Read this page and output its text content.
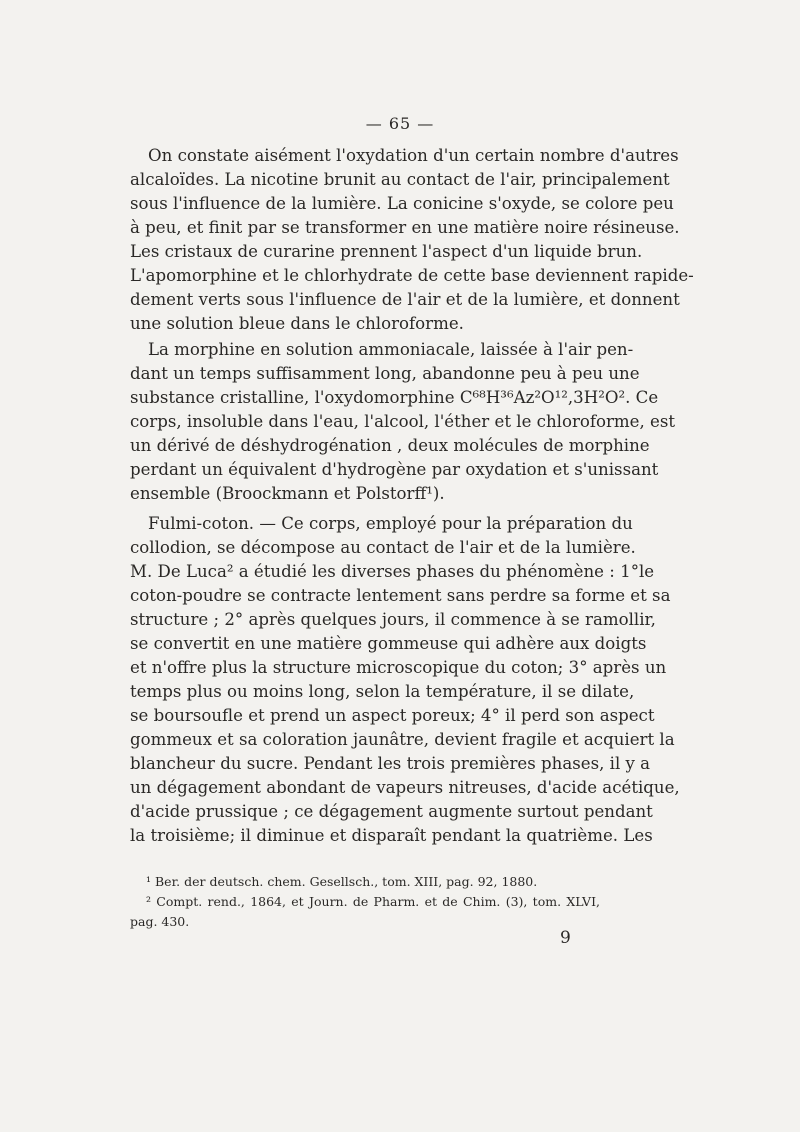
— 65 —
On constate aisément l'oxydation d'un certain nombre d'autres
alcaloïdes. La nicotine brunit au contact de l'air, principalement
sous l'influence de la lumière. La conicine s'oxyde, se colore peu
à peu, et finit par se transformer en une matière noire résineuse.
Les cristaux de curarine prennent l'aspect d'un liquide brun.
L'apomorphine et le chlorhydrate de cette base deviennent rapide-
dement verts sous l'influence de l'air et de la lumière, et donnent
une solution bleue dans le chloroforme.
La morphine en solution ammoniacale, laissée à l'air pen-
dant un temps suffisamment long, abandonne peu à peu une
substance cristalline, l'oxydomorphine C⁶⁸H³⁶Az²O¹²,3H²O². Ce
corps, insoluble dans l'eau, l'alcool, l'éther et le chloroforme, est
un dérivé de déshydrogénation , deux molécules de morphine
perdant un équivalent d'hydrogène par oxydation et s'unissant
ensemble (Broockmann et Polstorff¹).
Fulmi-coton. — Ce corps, employé pour la préparation du
collodion, se décompose au contact de l'air et de la lumière.
M. De Luca² a étudié les diverses phases du phénomène : 1°le
coton-poudre se contracte lentement sans perdre sa forme et sa
structure ; 2° après quelques jours, il commence à se ramollir,
se convertit en une matière gommeuse qui adhère aux doigts
et n'offre plus la structure microscopique du coton; 3° après un
temps plus ou moins long, selon la température, il se dilate,
se boursoufle et prend un aspect poreux; 4° il perd son aspect
gommeux et sa coloration jaunâtre, devient fragile et acquiert la
blancheur du sucre. Pendant les trois premières phases, il y a
un dégagement abondant de vapeurs nitreuses, d'acide acétique,
d'acide prussique ; ce dégagement augmente surtout pendant
la troisième; il diminue et disparaît pendant la quatrième. Les
¹ Ber. der deutsch. chem. Gesellsch., tom. XIII, pag. 92, 1880.
² Compt. rend., 1864, et Journ. de Pharm. et de Chim. (3), tom. XLVI,
pag. 430.
9
